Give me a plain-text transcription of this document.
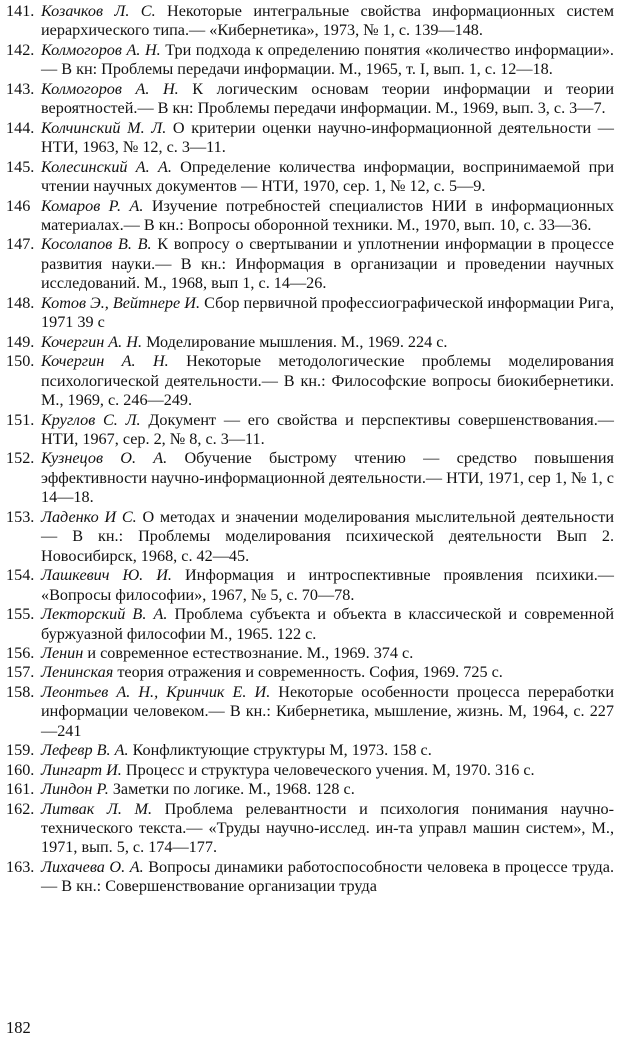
141. Козачков Л. С. Некоторые интегральные свойства информационных систем иерархического типа.— «Кибернетика», 1973, № 1, с. 139—148.
142. Колмогоров А. Н. Три подхода к определению понятия «количество информации».— В кн: Проблемы передачи информации. М., 1965, т. I, вып. 1, с. 12—18.
143. Колмогоров А. Н. К логическим основам теории информации и теории вероятностей.— В кн: Проблемы передачи информации. М., 1969, вып. 3, с. 3—7.
144. Колчинский М. Л. О критерии оценки научно-информационной деятельности — НТИ, 1963, № 12, с. 3—11.
145. Колесинский А. А. Определение количества информации, воспринимаемой при чтении научных документов — НТИ, 1970, сер. 1, № 12, с. 5—9.
146 Комаров Р. А. Изучение потребностей специалистов НИИ в информационных материалах.— В кн.: Вопросы оборонной техники. М., 1970, вып. 10, с. 33—36.
147. Косолапов В. В. К вопросу о свертывании и уплотнении информации в процессе развития науки.— В кн.: Информация в организации и проведении научных исследований. М., 1968, вып 1, с. 14—26.
148. Котов Э., Вейтнере И. Сбор первичной профессиографической информации Рига, 1971 39 с
149. Кочергин А. Н. Моделирование мышления. М., 1969. 224 с.
150. Кочергин А. Н. Некоторые методологические проблемы моделирования психологической деятельности.— В кн.: Философские вопросы биокибернетики. М., 1969, с. 246—249.
151. Круглов С. Л. Документ — его свойства и перспективы совершенствования.— НТИ, 1967, сер. 2, № 8, с. 3—11.
152. Кузнецов О. А. Обучение быстрому чтению — средство повышения эффективности научно-информационной деятельности.— НТИ, 1971, сер 1, № 1, с 14—18.
153. Ладенко И С. О методах и значении моделирования мыслительной деятельности — В кн.: Проблемы моделирования психической деятельности Вып 2. Новосибирск, 1968, с. 42—45.
154. Лашкевич Ю. И. Информация и интроспективные проявления психики.— «Вопросы философии», 1967, № 5, с. 70—78.
155. Лекторский В. А. Проблема субъекта и объекта в классической и современной буржуазной философии М., 1965. 122 с.
156. Ленин и современное естествознание. М., 1969. 374 с.
157. Ленинская теория отражения и современность. София, 1969. 725 с.
158. Леонтьев А. Н., Кринчик Е. И. Некоторые особенности процесса переработки информации человеком.— В кн.: Кибернетика, мышление, жизнь. М, 1964, с. 227—241
159. Лефевр В. А. Конфликтующие структуры М, 1973. 158 с.
160. Лингарт И. Процесс и структура человеческого учения. М, 1970. 316 с.
161. Линдон Р. Заметки по логике. М., 1968. 128 с.
162. Литвак Л. М. Проблема релевантности и психология понимания научно-технического текста.— «Труды научно-исслед. ин-та управл машин систем», М., 1971, вып. 5, с. 174—177.
163. Лихачева О. А. Вопросы динамики работоспособности человека в процессе труда.— В кн.: Совершенствование организации труда
182
